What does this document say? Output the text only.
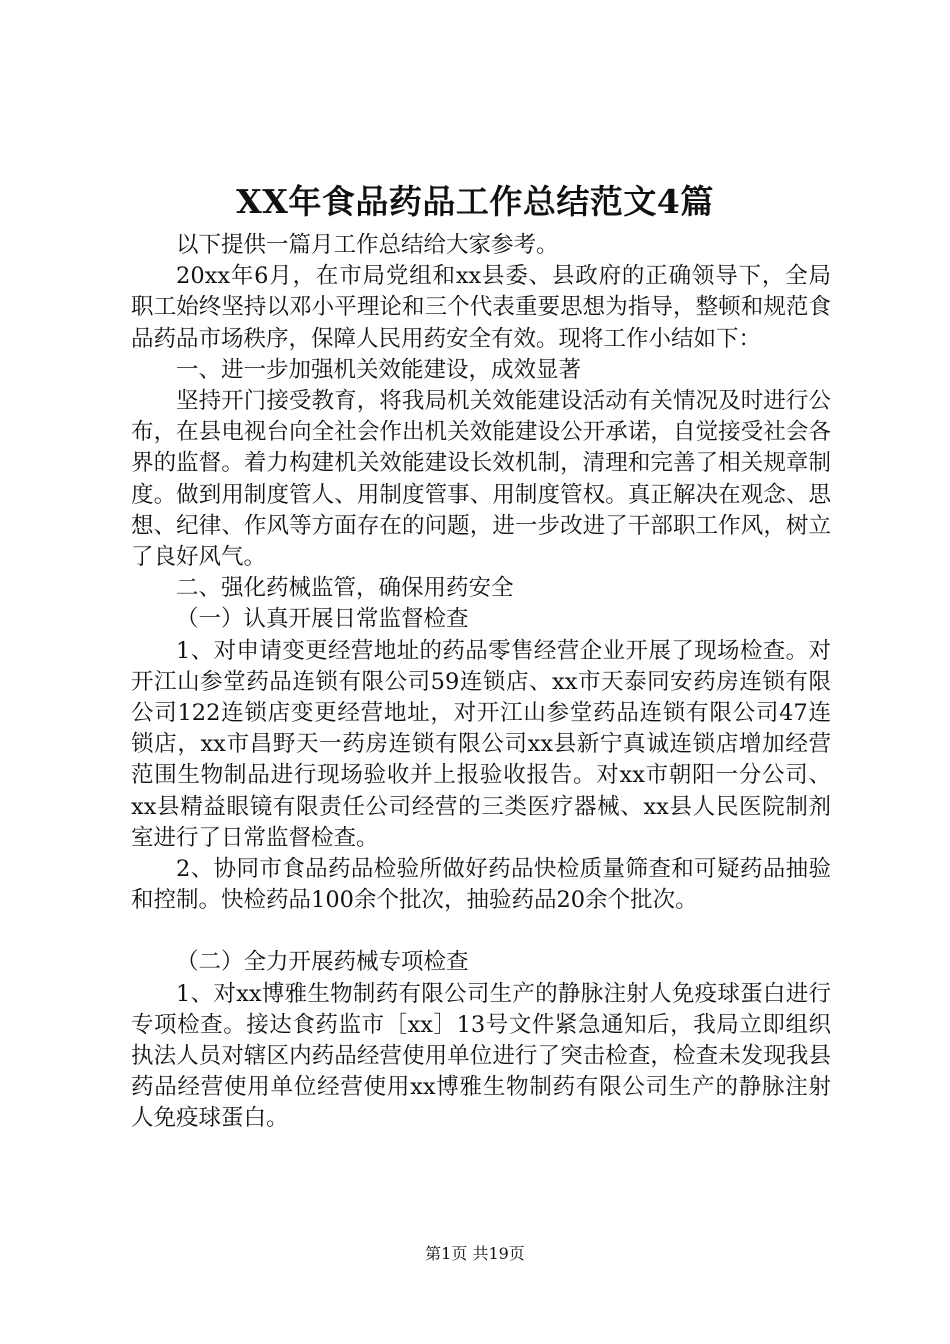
XX年食品药品工作总结范文4篇

以下提供一篇月工作总结给大家参考。

20xx年6月，在市局党组和xx县委、县政府的正确领导下，全局职工始终坚持以邓小平理论和三个代表重要思想为指导，整顿和规范食品药品市场秩序，保障人民用药安全有效。现将工作小结如下：

一、进一步加强机关效能建设，成效显著

坚持开门接受教育，将我局机关效能建设活动有关情况及时进行公布，在县电视台向全社会作出机关效能建设公开承诺，自觉接受社会各界的监督。着力构建机关效能建设长效机制，清理和完善了相关规章制度。做到用制度管人、用制度管事、用制度管权。真正解决在观念、思想、纪律、作风等方面存在的问题，进一步改进了干部职工作风，树立了良好风气。

二、强化药械监管，确保用药安全

（一）认真开展日常监督检查

1、对申请变更经营地址的药品零售经营企业开展了现场检查。对开江山参堂药品连锁有限公司59连锁店、xx市天泰同安药房连锁有限公司122连锁店变更经营地址，对开江山参堂药品连锁有限公司47连锁店，xx市昌野天一药房连锁有限公司xx县新宁真诚连锁店增加经营范围生物制品进行现场验收并上报验收报告。对xx市朝阳一分公司、xx县精益眼镜有限责任公司经营的三类医疗器械、xx县人民医院制剂室进行了日常监督检查。

2、协同市食品药品检验所做好药品快检质量筛查和可疑药品抽验和控制。快检药品100余个批次，抽验药品20余个批次。

（二）全力开展药械专项检查

1、对xx博雅生物制药有限公司生产的静脉注射人免疫球蛋白进行专项检查。接达食药监市［xx］13号文件紧急通知后，我局立即组织执法人员对辖区内药品经营使用单位进行了突击检查，检查未发现我县药品经营使用单位经营使用xx博雅生物制药有限公司生产的静脉注射人免疫球蛋白。

第1页 共19页
